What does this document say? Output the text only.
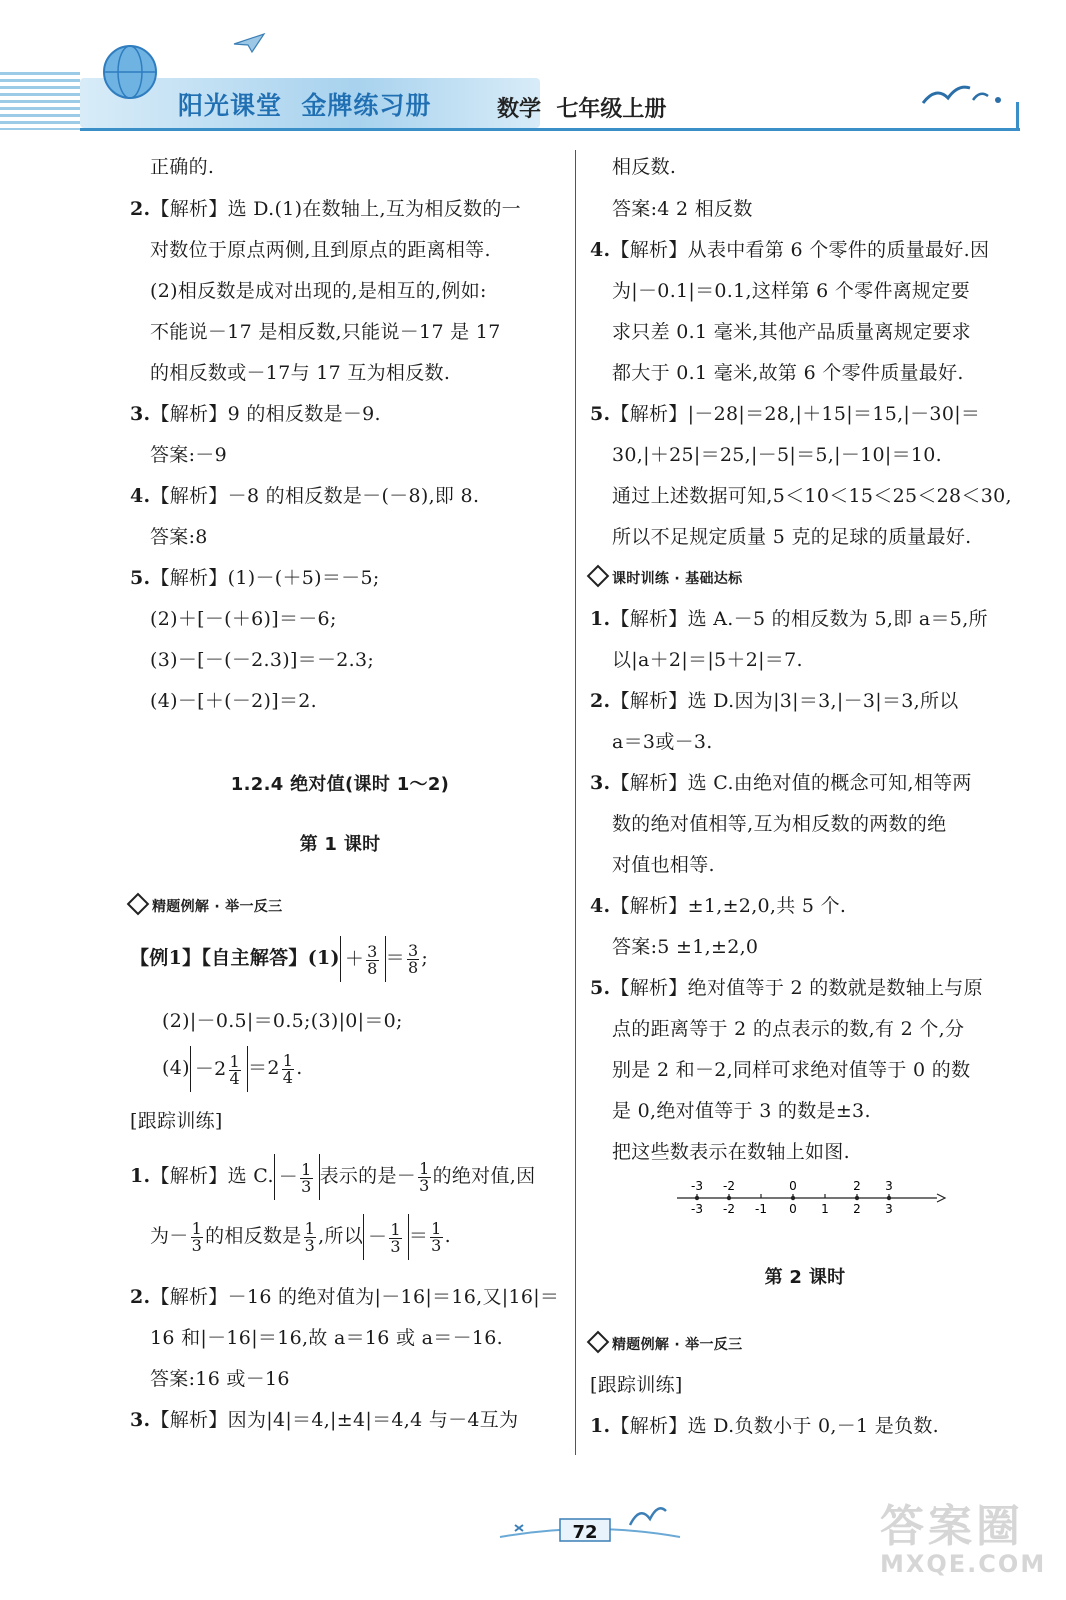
阳光课堂  金牌练习册	数学  七年级上册
正确的.
2.【解析】选 D.(1)在数轴上,互为相反数的一
对数位于原点两侧,且到原点的距离相等.
(2)相反数是成对出现的,是相互的,例如:
不能说－17 是相反数,只能说－17 是 17
的相反数或－17与 17 互为相反数.
3.【解析】9 的相反数是－9.
答案:－9
4.【解析】－8 的相反数是－(－8),即 8.
答案:8
5.【解析】(1)－(＋5)＝－5;
(2)＋[－(＋6)]＝－6;
(3)－[－(－2.3)]＝－2.3;
(4)－[＋(－2)]＝2.
1.2.4 绝对值(课时 1～2)
第 1 课时
精题例解 · 举一反三
【例1】【自主解答】$(1) + \frac{3}{8} = \frac{3}{8}$ ;
(2)|－0.5|＝0.5;(3)|0|＝0;
$(4) -2 \frac{1}{4} =2 \frac{1}{4}$ .
[跟踪训练]
1.【解析】选 C. － $\frac{1}{3}$ 表示的是－ $\frac{1}{3}$ 的绝对值,因
为－ $\frac{1}{3}$ 的相反数是 $\frac{1}{3}$ ,所以 － $\frac{1}{3} = \frac{1}{3}$ .
2.【解析】－16 的绝对值为|－16|＝16,又|16|＝
16 和|－16|＝16,故 a＝16 或 a＝－16.
答案:16 或－16
3.【解析】因为|4|＝4,|±4|＝4,4 与－4互为
相反数.
答案:4 2 相反数
4.【解析】从表中看第 6 个零件的质量最好.因
为|－0.1|＝0.1,这样第 6 个零件离规定要
求只差 0.1 毫米,其他产品质量离规定要求
都大于 0.1 毫米,故第 6 个零件质量最好.
5.【解析】|－28|＝28,|＋15|＝15,|－30|＝
30,|＋25|＝25,|－5|＝5,|－10|＝10.
通过上述数据可知,5＜10＜15＜25＜28＜30,
所以不足规定质量 5 克的足球的质量最好.
课时训练 · 基础达标
1.【解析】选 A.－5 的相反数为 5,即 a＝5,所
以|a＋2|＝|5＋2|＝7.
2.【解析】选 D.因为|3|＝3,|－3|＝3,所以
a＝3或－3.
3.【解析】选 C.由绝对值的概念可知,相等两
数的绝对值相等,互为相反数的两数的绝
对值也相等.
4.【解析】±1,±2,0,共 5 个.
答案:5 ±1,±2,0
5.【解析】绝对值等于 2 的数就是数轴上与原
点的距离等于 2 的点表示的数,有 2 个,分
别是 2 和－2,同样可求绝对值等于 0 的数
是 0,绝对值等于 3 的数是±3.
把这些数表示在数轴上如图.
-3 -2 -1 0 1 2 3
-3 -2	0	2 3
第 2 课时
精题例解 · 举一反三
[跟踪训练]
1.【解析】选 D.负数小于 0,－1 是负数.
72	答案圈
MXQE.COM
